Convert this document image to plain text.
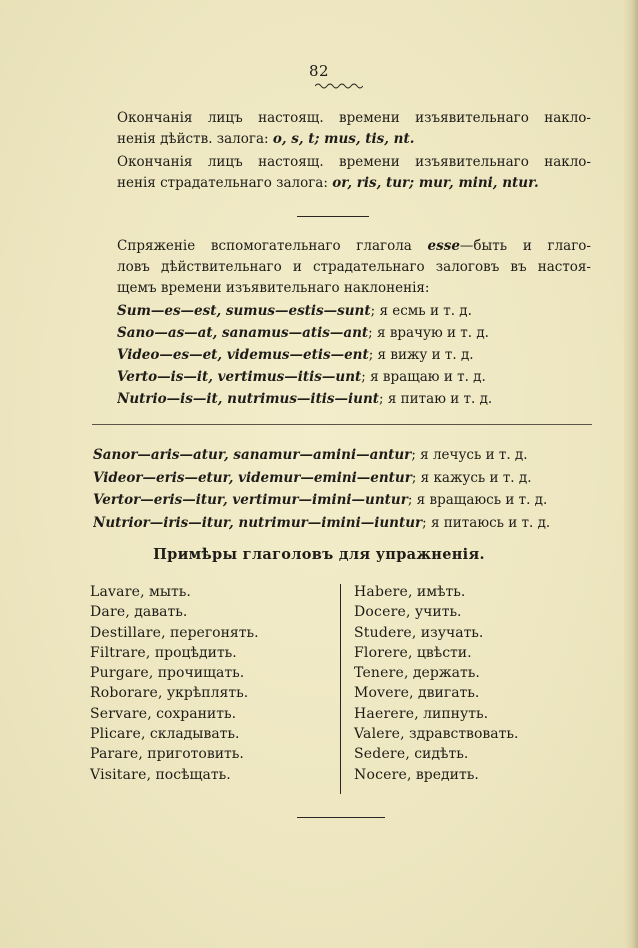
82

Окончанія лицъ настоящ. времени изъявительнаго накло-

ненія дѣйств. залога: o, s, t; mus, tis, nt.

Окончанія лицъ настоящ. времени изъявительнаго накло-

ненія страдательнаго залога: or, ris, tur; mur, mini, ntur.

Спряженіе вспомогательнаго глагола esse—быть и глаго-

ловъ дѣйствительнаго и страдательнаго залоговъ въ настоя-

щемъ времени изъявительнаго наклоненія:

Sum—es—est, sumus—estis—sunt; я есмь и т. д.
Sano—as—at, sanamus—atis—ant; я врачую и т. д.
Video—es—et, videmus—etis—ent; я вижу и т. д.
Verto—is—it, vertimus—itis—unt; я вращаю и т. д.
Nutrio—is—it, nutrimus—itis—iunt; я питаю и т. д.
Sanor—aris—atur, sanamur—amini—antur; я лечусь и т. д.
Videor—eris—etur, videmur—emini—entur; я кажусь и т. д.
Vertor—eris—itur, vertimur—imini—untur; я вращаюсь и т. д.
Nutrior—iris—itur, nutrimur—imini—iuntur; я питаюсь и т. д.
Примѣры глаголовъ для упражненія.
Lavare, мыть.
Dare, давать.
Destillare, перегонять.
Filtrare, процѣдить.
Purgare, прочищать.
Roborare, укрѣплять.
Servare, сохранить.
Plicare, складывать.
Parare, приготовить.
Visitare, посѣщать.
Habere, имѣть.
Docere, учить.
Studere, изучать.
Florere, цвѣсти.
Tenere, держать.
Movere, двигать.
Haerere, липнуть.
Valere, здравствовать.
Sedere, сидѣть.
Nocere, вредить.
